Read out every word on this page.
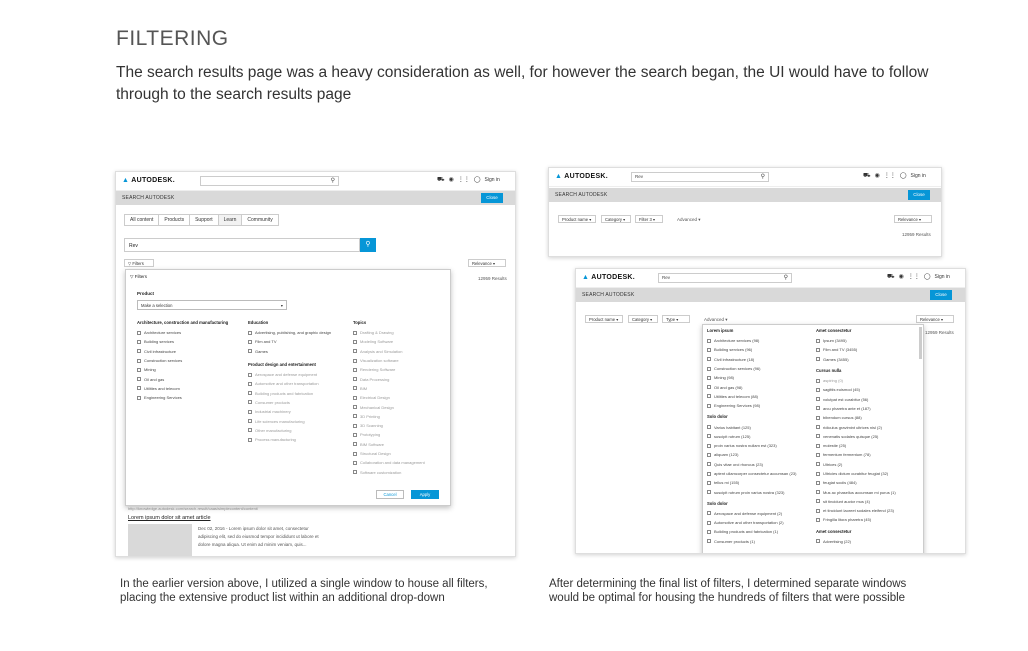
FILTERING
The search results page was a heavy consideration as well, for however the search began, the UI would have to follow through to the search results page
▲ AUTODESK.	⚲	⛟ ◉ ⋮⋮ ◯ Sign in
SEARCH AUTODESK	Close
All content	Products	Support	Learn	Community
Rev	⚲
▽ Filters	Relevance ▾
12959 Results
▽ Filters
Product
Make a selection	▾
Architecture, construction and manufacturing
Architecture services
Building services
Civil infrastructure
Construction services
Mining
Oil and gas
Utilities and telecom
Engineering Services
Education
Advertising, publishing, and graphic design
Film and TV
Games
Product design and entertainment
Aerospace and defense equipment
Automotive and other transportation
Building products and fabrication
Consumer products
Industrial machinery
Life sciences manufacturing
Other manufacturing
Process manufacturing
Topics
Drafting & Drawing
Modeling Software
Analysis and Simulation
Visualization software
Rendering Software
Data Processing
BIM
Electrical Design
Mechanical Design
3D Printing
3D Scanning
Prototyping
BIM Software
Structural Design
Collaboration and data management
Software customization
Cancel	Apply
http://knowledge.autodesk.com/search-result/caas/simplecontent/content/
Lorem ipsum dolor sit amet article
Dec 02, 2016 - Lorem ipsum dolor sit amet, consectetur
adipiscing elit, sed do eiusmod tempor incididunt ut labore et
dolore magna aliqua. Ut enim ad minim veniam, quis...
▲ AUTODESK.	Rev	⚲	⛟ ◉ ⋮⋮ ◯ Sign in
SEARCH AUTODESK	Close
Product name ▾	Category ▾	Filter 3 ▾	Advanced ▾	Relevance ▾
12959 Results
▲ AUTODESK.	Rev	⚲	⛟ ◉ ⋮⋮ ◯ Sign in
SEARCH AUTODESK	Close
Product name ▾	Category ▾	Type ▾	Advanced ▾	Relevance ▾
12959 Results
Lorem ipsum
Architecture services (98)
Building services (96)
Civil infrastructure (18)
Construction services (96)
Mining (98)
Oil and gas (98)
Utilities and telecom (88)
Engineering Services (98)
Solo dolor
Varius habitant (125)
suscipit rutrum (125)
proin varius nostra nullam est (323)
aliquam (123)
Quis vitae orci rhoncus (23)
aptent ullamcorper consectetur accumsan (23)
tellus mi (155)
suscipit rutrum proin varius nostra (323)
Solo dolor
Aerospace and defense equipment (2)
Automotive and other transportation (2)
Building products and fabrication (1)
Consumer products (1)
Amet consectetur
Ipsum (3495)
Film and TV (3455)
Games (3455)
Cursus nulla
aspiring (0)
sagittis euismod (45)
volutpat est curabitur (56)
arcu pharetra ante et (187)
bibendum cursus (88)
ridiculus gravimint ultrices nisl (2)
venenatis sodales quisque (25)
molestie (25)
fermentum fermentum (78)
Ultrices (2)
Ultricies dictum curabitur feugiat (32)
feugiat sociis (484)
Mus ac phasellus accumsan mi purus (1)
sit tincidunt auctor mus (4)
et tincidunt laoreet sodales eleifend (23)
Fringilla litora pharetra (45)
Amet consectetur
Advertising (22)
In the earlier version above, I utilized a single window to house all filters,
placing the extensive product list within an additional drop-down
After determining the final list of filters, I determined separate windows
would be optimal for housing the hundreds of filters that were possible
